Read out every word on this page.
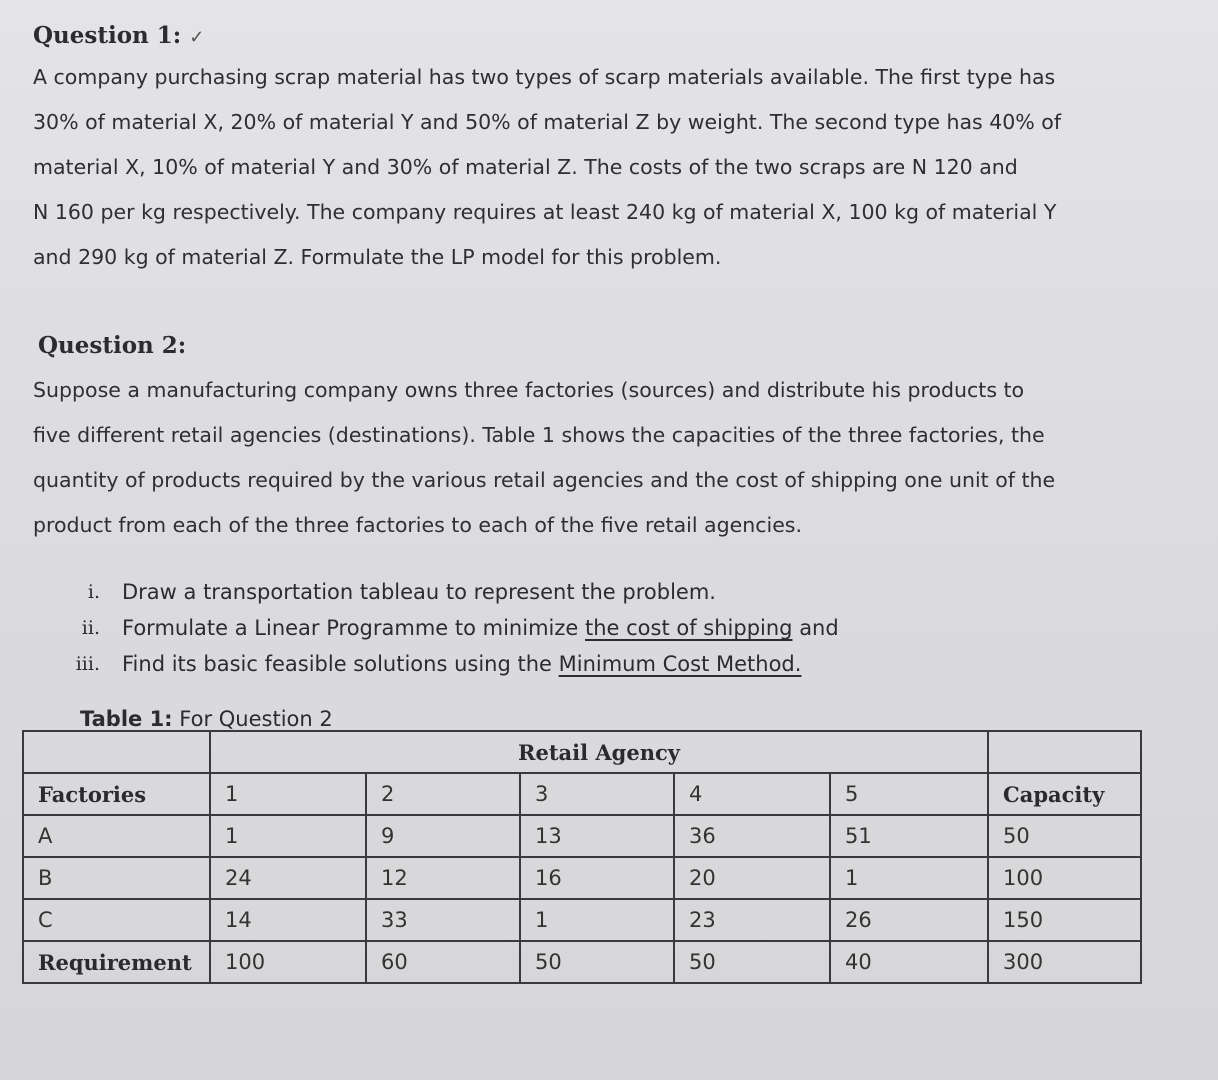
Question 1: ✓
A company purchasing scrap material has two types of scarp materials available. The first type has
30% of material X, 20% of material Y and 50% of material Z by weight. The second type has 40% of
material X, 10% of material Y and 30% of material Z. The costs of the two scraps are N 120 and
N 160 per kg respectively. The company requires at least 240 kg of material X, 100 kg of material Y
and 290 kg of material Z. Formulate the LP model for this problem.
Question 2:
Suppose a manufacturing company owns three factories (sources) and distribute his products to
five different retail agencies (destinations). Table 1 shows the capacities of the three factories, the
quantity of products required by the various retail agencies and the cost of shipping one unit of the
product from each of the three factories to each of the five retail agencies.
i.	Draw a transportation tableau to represent the problem.
ii.	Formulate a Linear Programme to minimize the cost of shipping and
iii.	Find its basic feasible solutions using the Minimum Cost Method.
Table 1: For Question 2
	Retail Agency					
Factories	1	2	3	4	5	Capacity
A	1	9	13	36	51	50
B	24	12	16	20	1	100
C	14	33	1	23	26	150
Requirement	100	60	50	50	40	300
